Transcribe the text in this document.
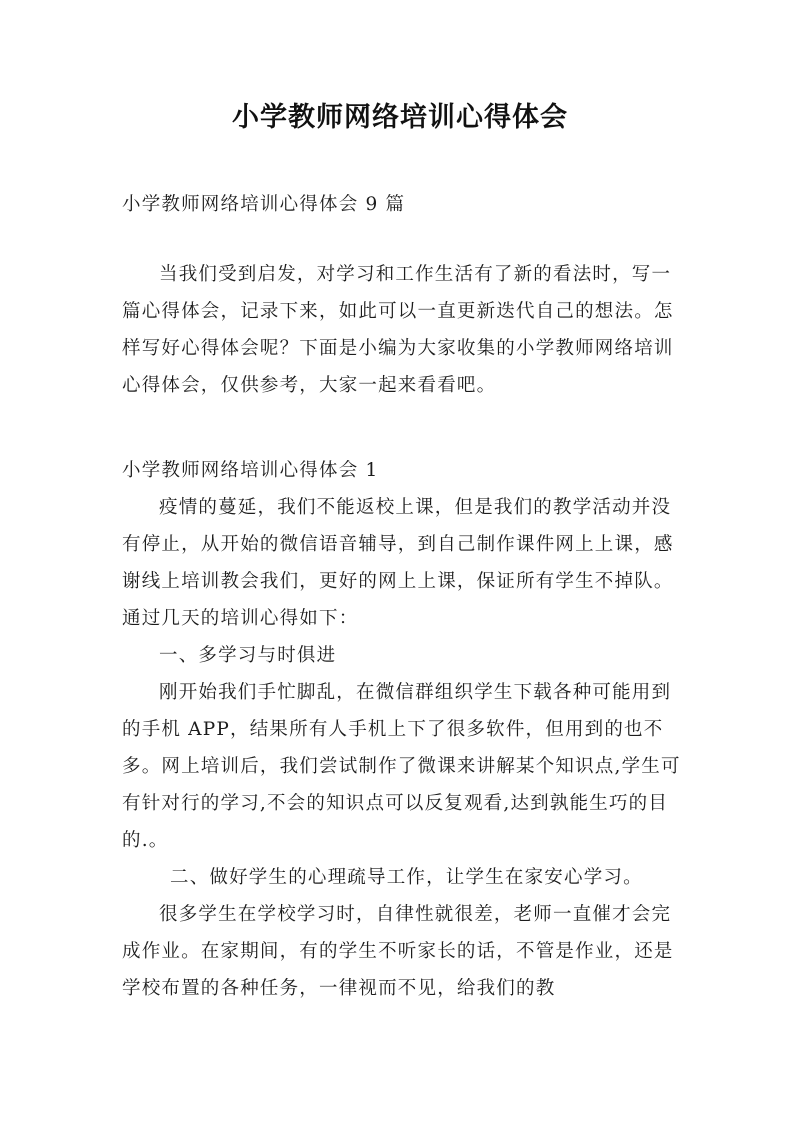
小学教师网络培训心得体会
小学教师网络培训心得体会 9 篇
当我们受到启发，对学习和工作生活有了新的看法时，写一篇心得体会，记录下来，如此可以一直更新迭代自己的想法。怎样写好心得体会呢？下面是小编为大家收集的小学教师网络培训心得体会，仅供参考，大家一起来看看吧。
小学教师网络培训心得体会 1

疫情的蔓延，我们不能返校上课，但是我们的教学活动并没有停止，从开始的微信语音辅导，到自己制作课件网上上课，感谢线上培训教会我们，更好的网上上课，保证所有学生不掉队。通过几天的培训心得如下：

一、多学习与时俱进

刚开始我们手忙脚乱，在微信群组织学生下载各种可能用到的手机 APP，结果所有人手机上下了很多软件，但用到的也不多。网上培训后，我们尝试制作了微课来讲解某个知识点,学生可有针对行的学习,不会的知识点可以反复观看,达到孰能生巧的目的.。

二、做好学生的心理疏导工作，让学生在家安心学习。

很多学生在学校学习时，自律性就很差，老师一直催才会完成作业。在家期间，有的学生不听家长的话，不管是作业，还是学校布置的各种任务，一律视而不见，给我们的教
